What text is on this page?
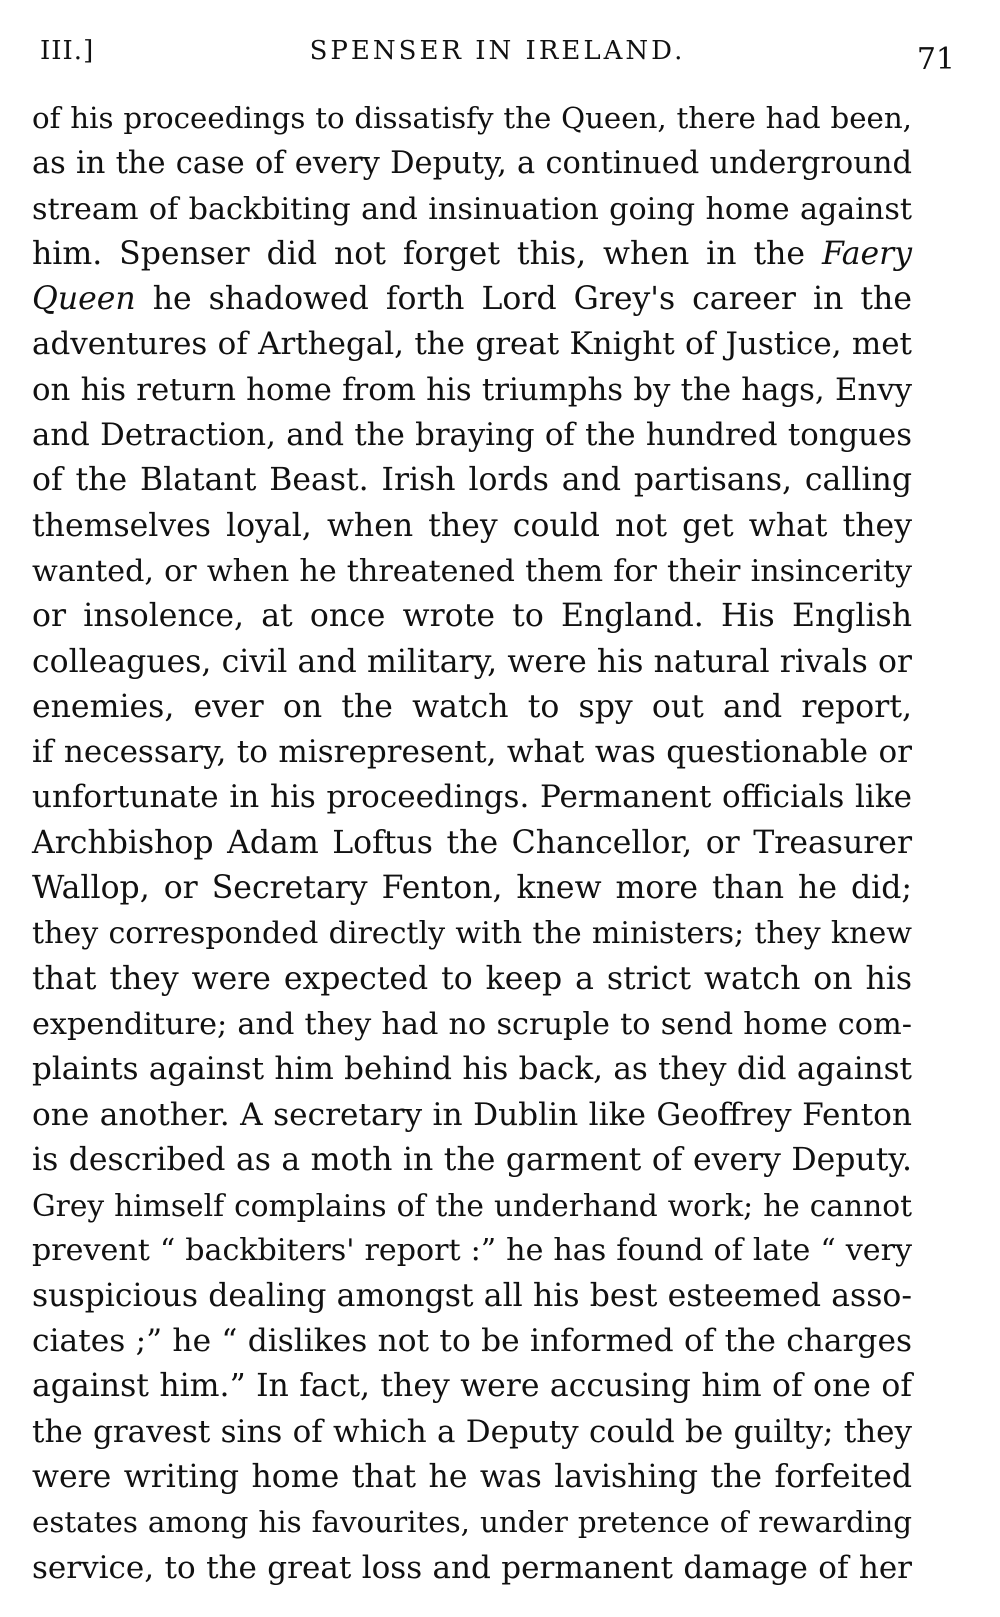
III.]	SPENSER IN IRELAND.	71
of his proceedings to dissatisfy the Queen, there had been,
as in the case of every Deputy, a continued underground
stream of backbiting and insinuation going home against
him. Spenser did not forget this, when in the Faery
Queen he shadowed forth Lord Grey's career in the
adventures of Arthegal, the great Knight of Justice, met
on his return home from his triumphs by the hags, Envy
and Detraction, and the braying of the hundred tongues
of the Blatant Beast. Irish lords and partisans, calling
themselves loyal, when they could not get what they
wanted, or when he threatened them for their insincerity
or insolence, at once wrote to England. His English
colleagues, civil and military, were his natural rivals or
enemies, ever on the watch to spy out and report,
if necessary, to misrepresent, what was questionable or
unfortunate in his proceedings. Permanent officials like
Archbishop Adam Loftus the Chancellor, or Treasurer
Wallop, or Secretary Fenton, knew more than he did;
they corresponded directly with the ministers; they knew
that they were expected to keep a strict watch on his
expenditure; and they had no scruple to send home com-
plaints against him behind his back, as they did against
one another. A secretary in Dublin like Geoffrey Fenton
is described as a moth in the garment of every Deputy.
Grey himself complains of the underhand work; he cannot
prevent “ backbiters' report :” he has found of late “ very
suspicious dealing amongst all his best esteemed asso-
ciates ;” he “ dislikes not to be informed of the charges
against him.” In fact, they were accusing him of one of
the gravest sins of which a Deputy could be guilty; they
were writing home that he was lavishing the forfeited
estates among his favourites, under pretence of rewarding
service, to the great loss and permanent damage of her
